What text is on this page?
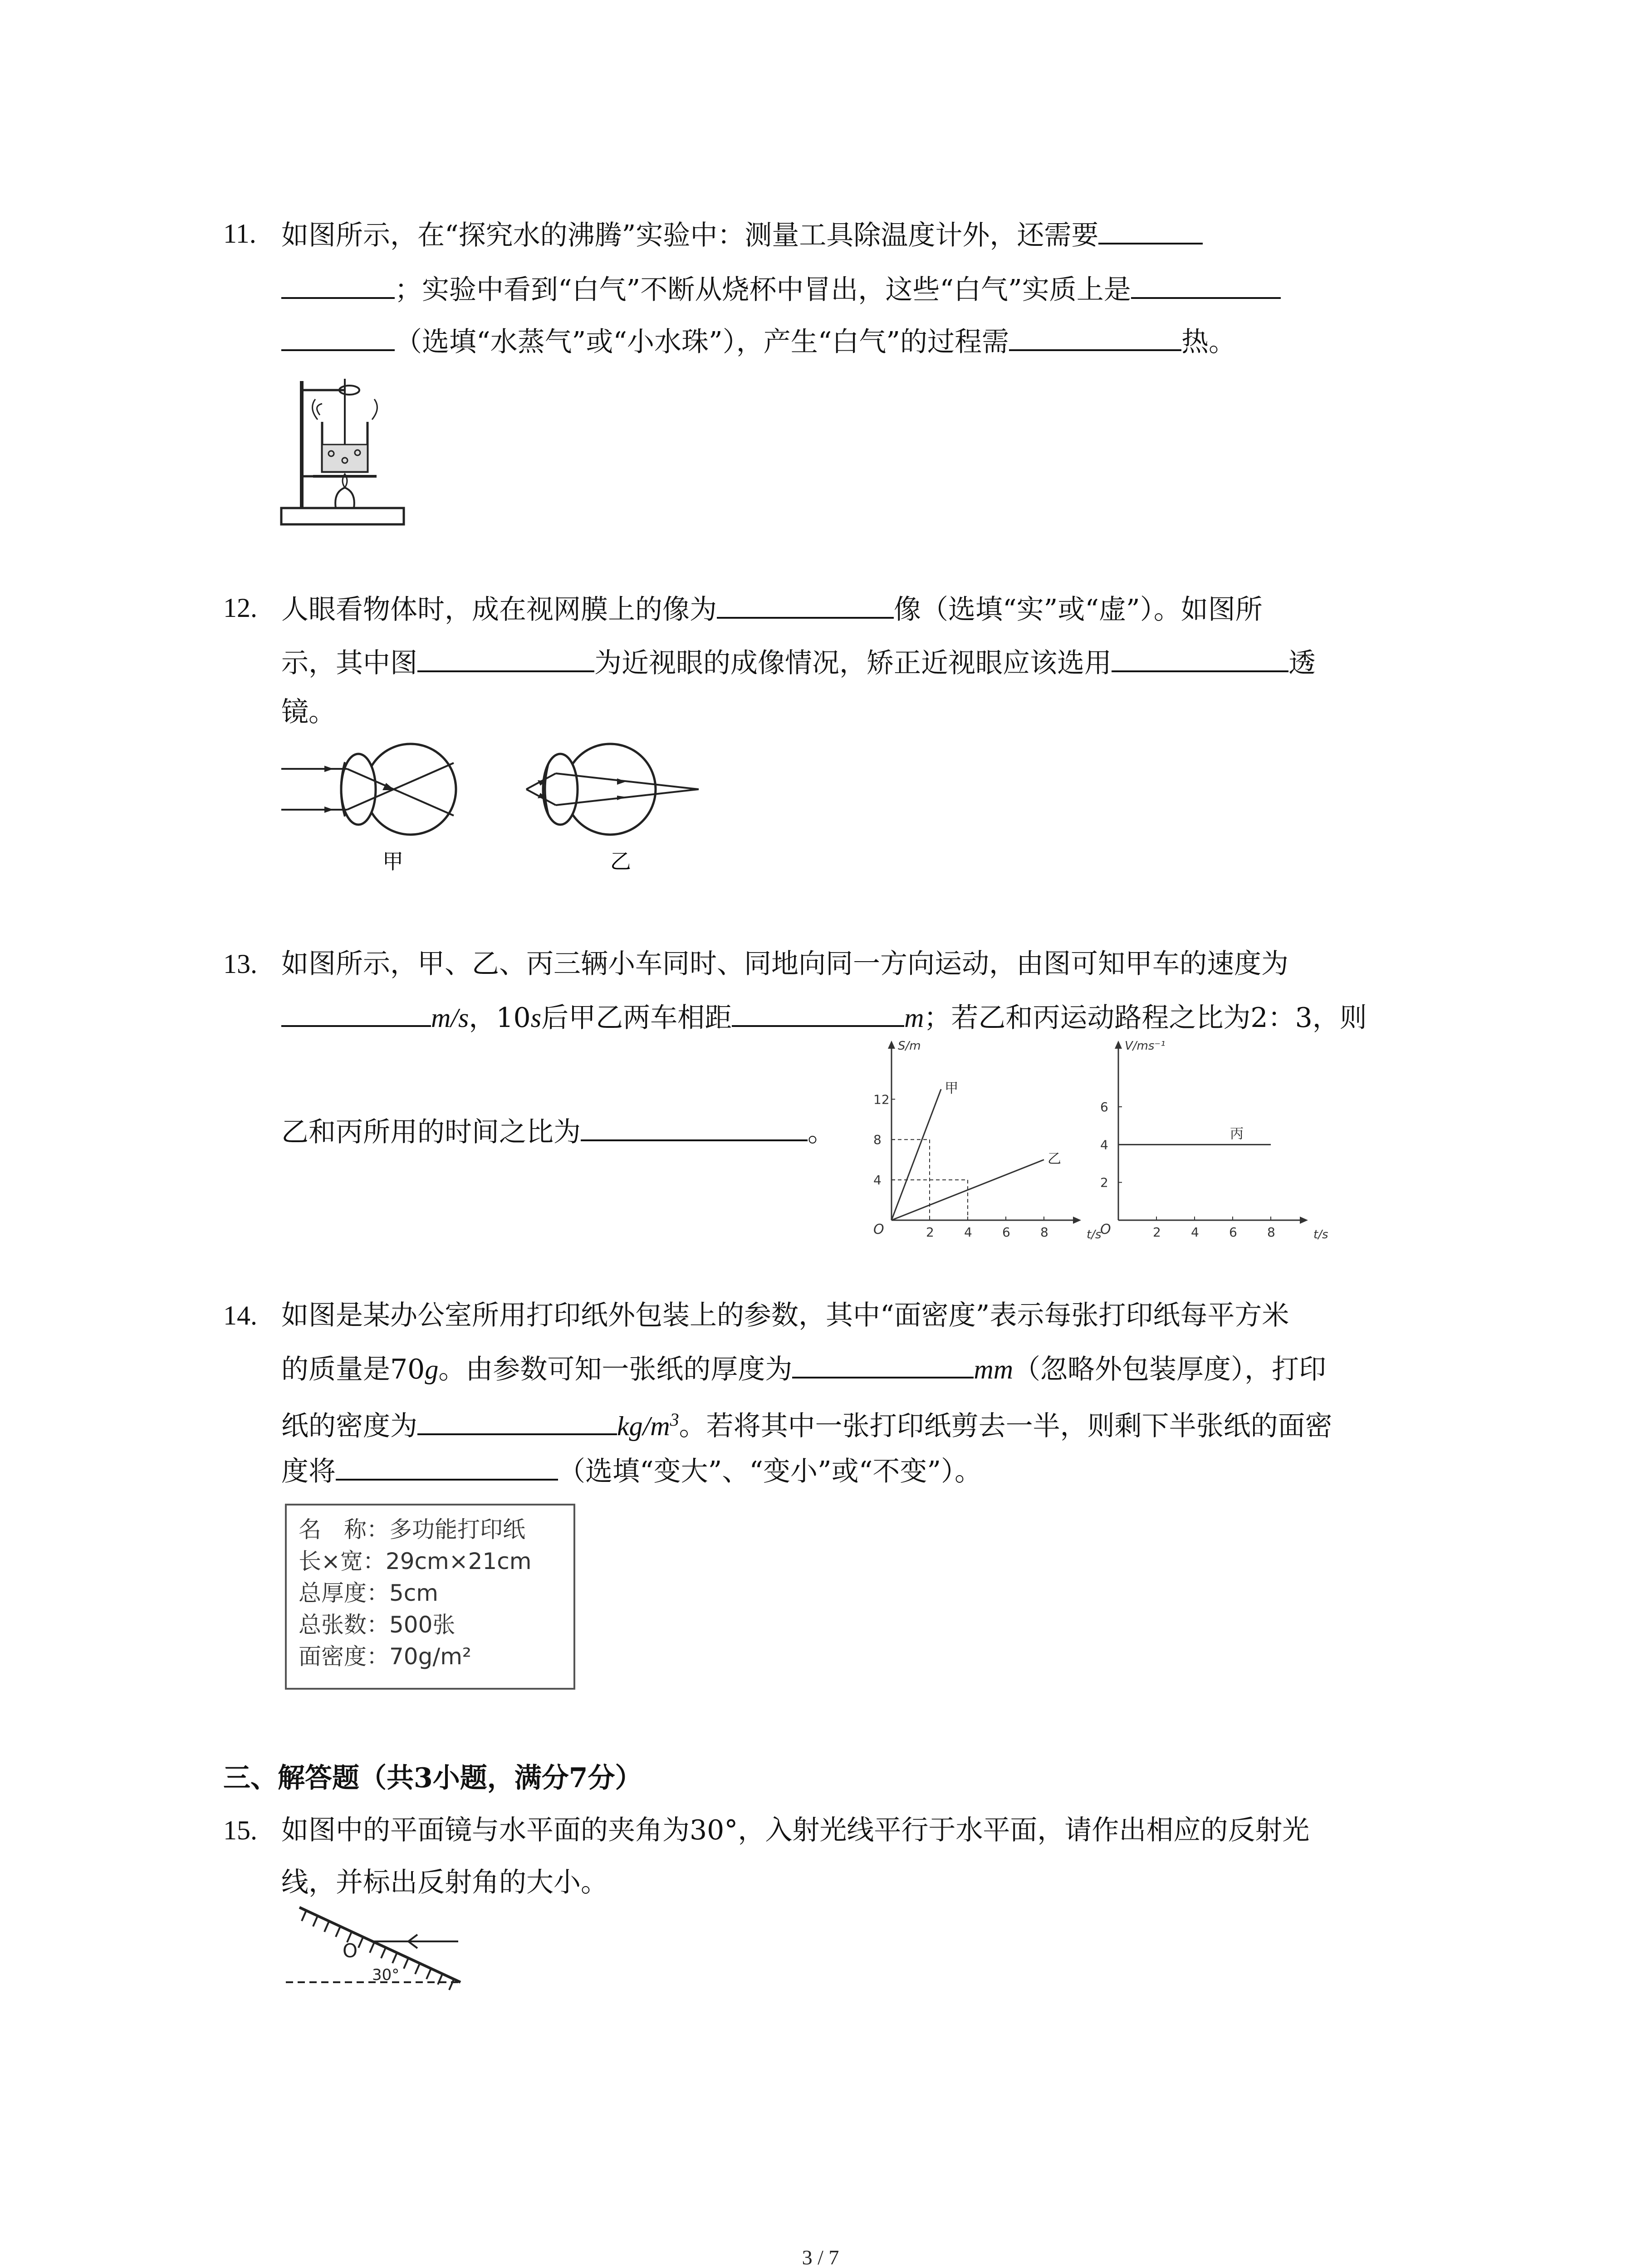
11. 如图所示，在“探究水的沸腾”实验中：测量工具除温度计外，还需要
；实验中看到“白气”不断从烧杯中冒出，这些“白气”实质上是
（选填“水蒸气”或“小水珠”），产生“白气”的过程需	热。
12. 人眼看物体时，成在视网膜上的像为	像（选填“实”或“虚”）。如图所
示，其中图	为近视眼的成像情况，矫正近视眼应该选用	透
镜。
甲	乙
13. 如图所示，甲、乙、丙三辆小车同时、同地向同一方向运动，由图可知甲车的速度为
m/s，10s后甲乙两车相距	m；若乙和丙运动路程之比为2：3，则
乙和丙所用的时间之比为	。
2 4 6 8
4
8
12
O	t/s
S/m
甲
乙
2 4 6 8
2
4
6
O	t/s
V/ms⁻¹
丙
14. 如图是某办公室所用打印纸外包装上的参数，其中“面密度”表示每张打印纸每平方米
的质量是70g。由参数可知一张纸的厚度为	mm（忽略外包装厚度），打印
纸的密度为	$kg/m^3$。若将其中一张打印纸剪去一半，则剩下半张纸的面密
度将	（选填“变大”、“变小”或“不变”）。
名　称：多功能打印纸
长×宽：29cm×21cm
总厚度：5cm
总张数：500张
面密度：70g/m²
三、解答题（共3小题，满分7分）
15. 如图中的平面镜与水平面的夹角为30°，入射光线平行于水平面，请作出相应的反射光
线，并标出反射角的大小。
O
30°
3 / 7
